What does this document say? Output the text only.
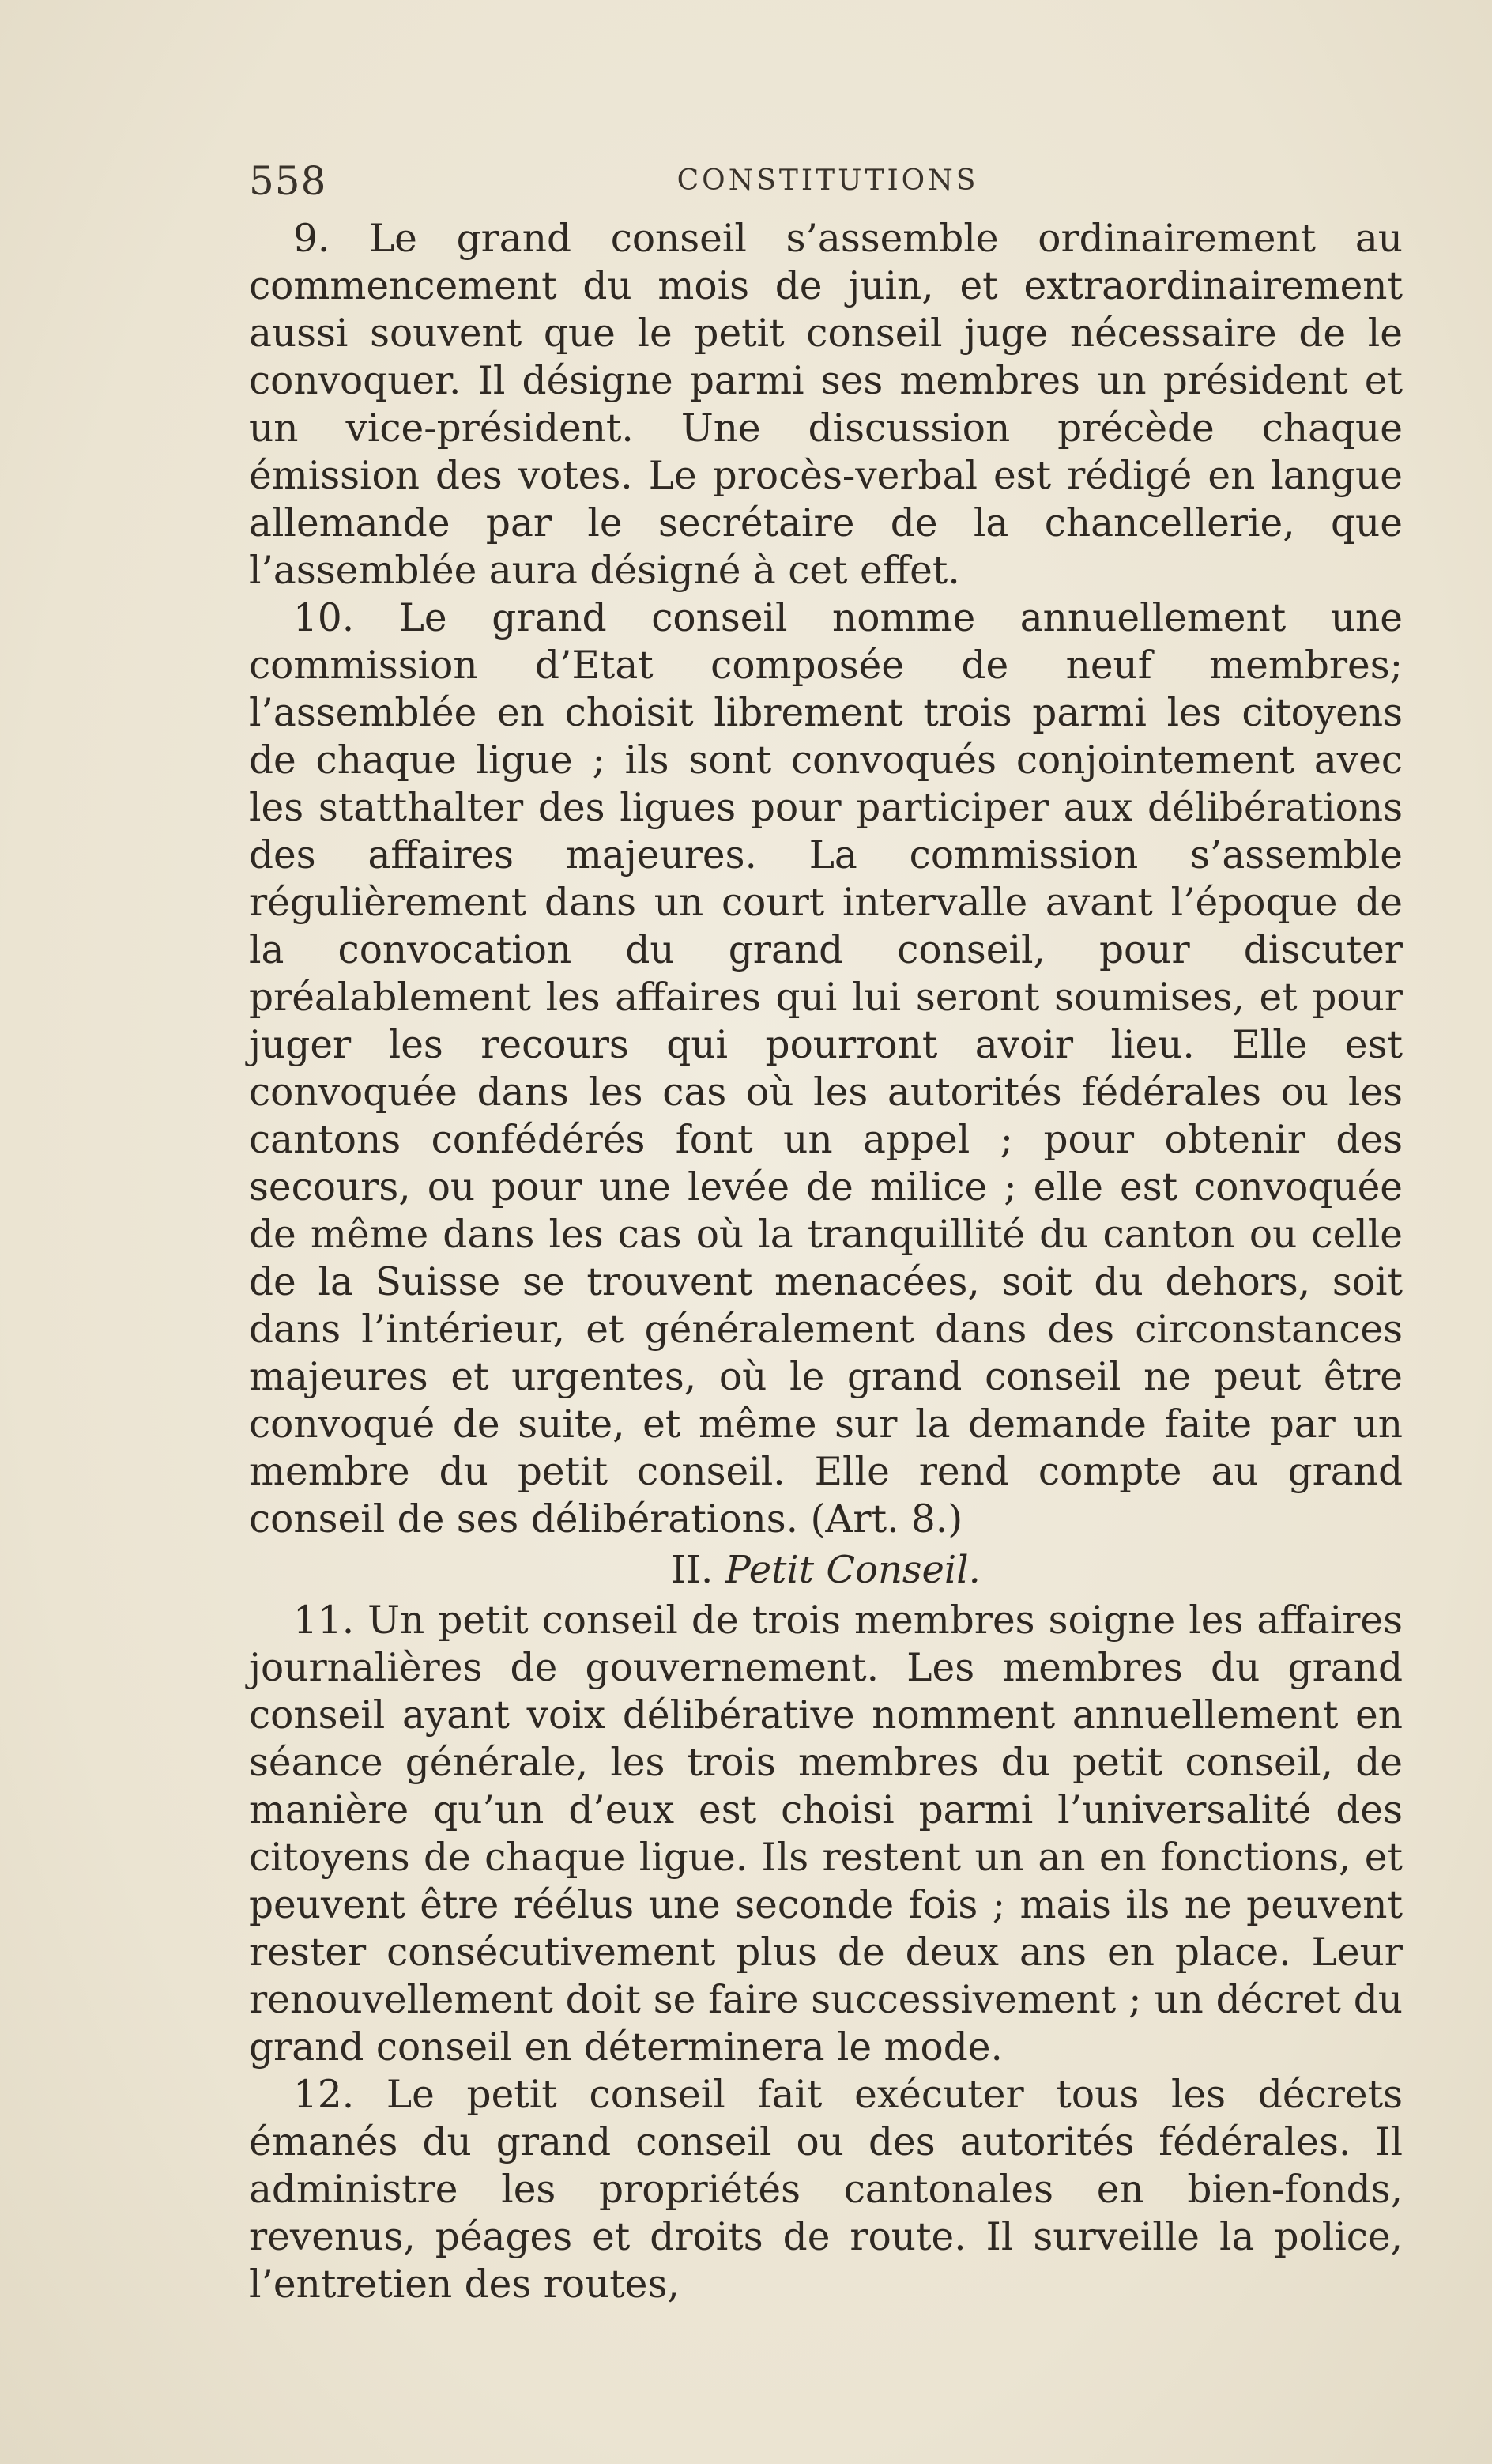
558	CONSTITUTIONS

9. Le grand conseil s’assemble ordinairement au commencement du mois de juin, et extraordinairement aussi souvent que le petit conseil juge nécessaire de le convoquer. Il désigne parmi ses membres un président et un vice-président. Une discussion précède chaque émission des votes. Le procès-verbal est rédigé en langue allemande par le secrétaire de la chancellerie, que l’assemblée aura désigné à cet effet.

10. Le grand conseil nomme annuellement une commission d’Etat composée de neuf membres; l’assemblée en choisit librement trois parmi les citoyens de chaque ligue ; ils sont convoqués conjointement avec les statthalter des ligues pour participer aux délibérations des affaires majeures. La commission s’assemble régulièrement dans un court intervalle avant l’époque de la convocation du grand conseil, pour discuter préalablement les affaires qui lui seront soumises, et pour juger les recours qui pourront avoir lieu. Elle est convoquée dans les cas où les autorités fédérales ou les cantons confédérés font un appel ; pour obtenir des secours, ou pour une levée de milice ; elle est convoquée de même dans les cas où la tranquillité du canton ou celle de la Suisse se trouvent menacées, soit du dehors, soit dans l’intérieur, et généralement dans des circonstances majeures et urgentes, où le grand conseil ne peut être convoqué de suite, et même sur la demande faite par un membre du petit conseil. Elle rend compte au grand conseil de ses délibérations. (Art. 8.)

II. Petit Conseil.

11. Un petit conseil de trois membres soigne les affaires journalières de gouvernement. Les membres du grand conseil ayant voix délibérative nomment annuellement en séance générale, les trois membres du petit conseil, de manière qu’un d’eux est choisi parmi l’universalité des citoyens de chaque ligue. Ils restent un an en fonctions, et peuvent être réélus une seconde fois ; mais ils ne peuvent rester consécutivement plus de deux ans en place. Leur renouvellement doit se faire successivement ; un décret du grand conseil en déterminera le mode.

12. Le petit conseil fait exécuter tous les décrets émanés du grand conseil ou des autorités fédérales. Il administre les propriétés cantonales en bien-fonds, revenus, péages et droits de route. Il surveille la police, l’entretien des routes,
